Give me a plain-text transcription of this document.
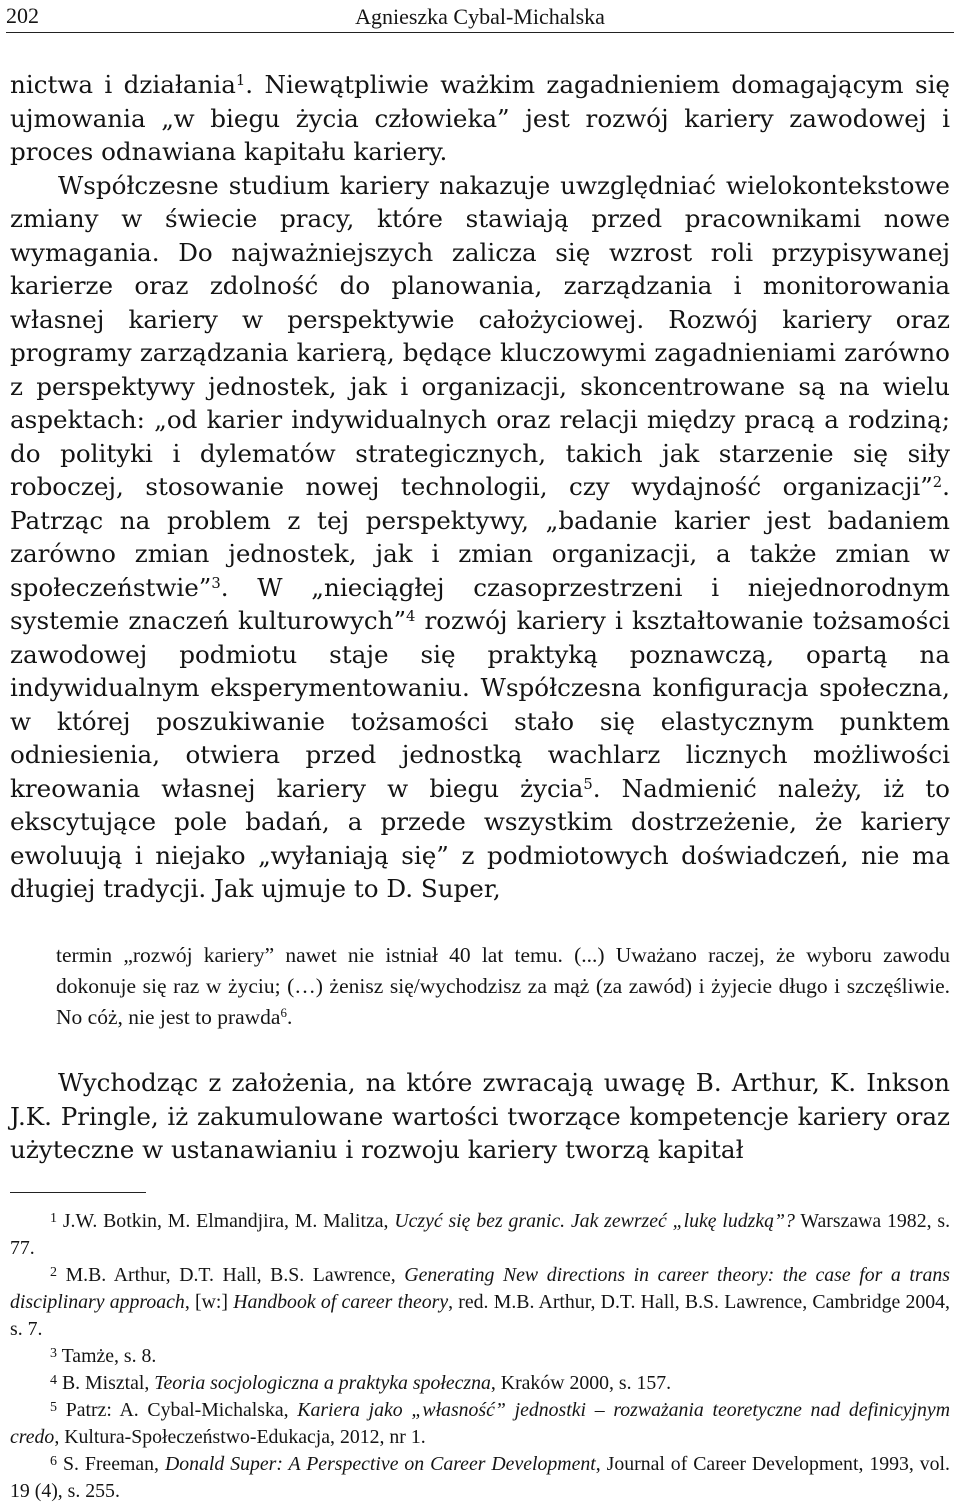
202	Agnieszka Cybal-Michalska

nictwa i działania$^1$. Niewątpliwie ważkim zagadnieniem domagającym się ujmowania „w biegu życia człowieka” jest rozwój kariery zawodowej i proces odnawiana kapitału kariery.

Współczesne studium kariery nakazuje uwzględniać wielokontekstowe zmiany w świecie pracy, które stawiają przed pracownikami nowe wymagania. Do najważniejszych zalicza się wzrost roli przypisywanej karierze oraz zdolność do planowania, zarządzania i monitorowania własnej kariery w perspektywie całożyciowej. Rozwój kariery oraz programy zarządzania karierą, będące kluczowymi zagadnieniami zarówno z perspektywy jednostek, jak i organizacji, skoncentrowane są na wielu aspektach: „od karier indywidualnych oraz relacji między pracą a rodziną; do polityki i dylematów strategicznych, takich jak starzenie się siły roboczej, stosowanie nowej technologii, czy wydajność organizacji”$^2$. Patrząc na problem z tej perspektywy, „badanie karier jest badaniem zarówno zmian jednostek, jak i zmian organizacji, a także zmian w społeczeństwie”$^3$. W „nieciągłej czasoprzestrzeni i niejednorodnym systemie znaczeń kulturowych”$^4$ rozwój kariery i kształtowanie tożsamości zawodowej podmiotu staje się praktyką poznawczą, opartą na indywidualnym eksperymentowaniu. Współczesna konfiguracja społeczna, w której poszukiwanie tożsamości stało się elastycznym punktem odniesienia, otwiera przed jednostką wachlarz licznych możliwości kreowania własnej kariery w biegu życia$^5$. Nadmienić należy, iż to ekscytujące pole badań, a przede wszystkim dostrzeżenie, że kariery ewoluują i niejako „wyłaniają się” z podmiotowych doświadczeń, nie ma długiej tradycji. Jak ujmuje to D. Super,

termin „rozwój kariery” nawet nie istniał 40 lat temu. (...) Uważano raczej, że wyboru zawodu dokonuje się raz w życiu; (…) żenisz się/wychodzisz za mąż (za zawód) i żyjecie długo i szczęśliwie. No cóż, nie jest to prawda$^6$.
Wychodząc z założenia, na które zwracają uwagę B. Arthur, K. Inkson J.K. Pringle, iż zakumulowane wartości tworzące kompetencje kariery oraz użyteczne w ustanawianiu i rozwoju kariery tworzą kapitał

$^1$ J.W. Botkin, M. Elmandjira, M. Malitza, Uczyć się bez granic. Jak zewrzeć „lukę ludzką”? Warszawa 1982, s. 77.

$^2$ M.B. Arthur, D.T. Hall, B.S. Lawrence, Generating New directions in career theory: the case for a trans disciplinary approach, [w:] Handbook of career theory, red. M.B. Arthur, D.T. Hall, B.S. Lawrence, Cambridge 2004, s. 7.

$^3$ Tamże, s. 8.

$^4$ B. Misztal, Teoria socjologiczna a praktyka społeczna, Kraków 2000, s. 157.

$^5$ Patrz: A. Cybal-Michalska, Kariera jako „własność” jednostki – rozważania teoretyczne nad definicyjnym credo, Kultura-Społeczeństwo-Edukacja, 2012, nr 1.

$^6$ S. Freeman, Donald Super: A Perspective on Career Development, Journal of Career Development, 1993, vol. 19 (4), s. 255.
